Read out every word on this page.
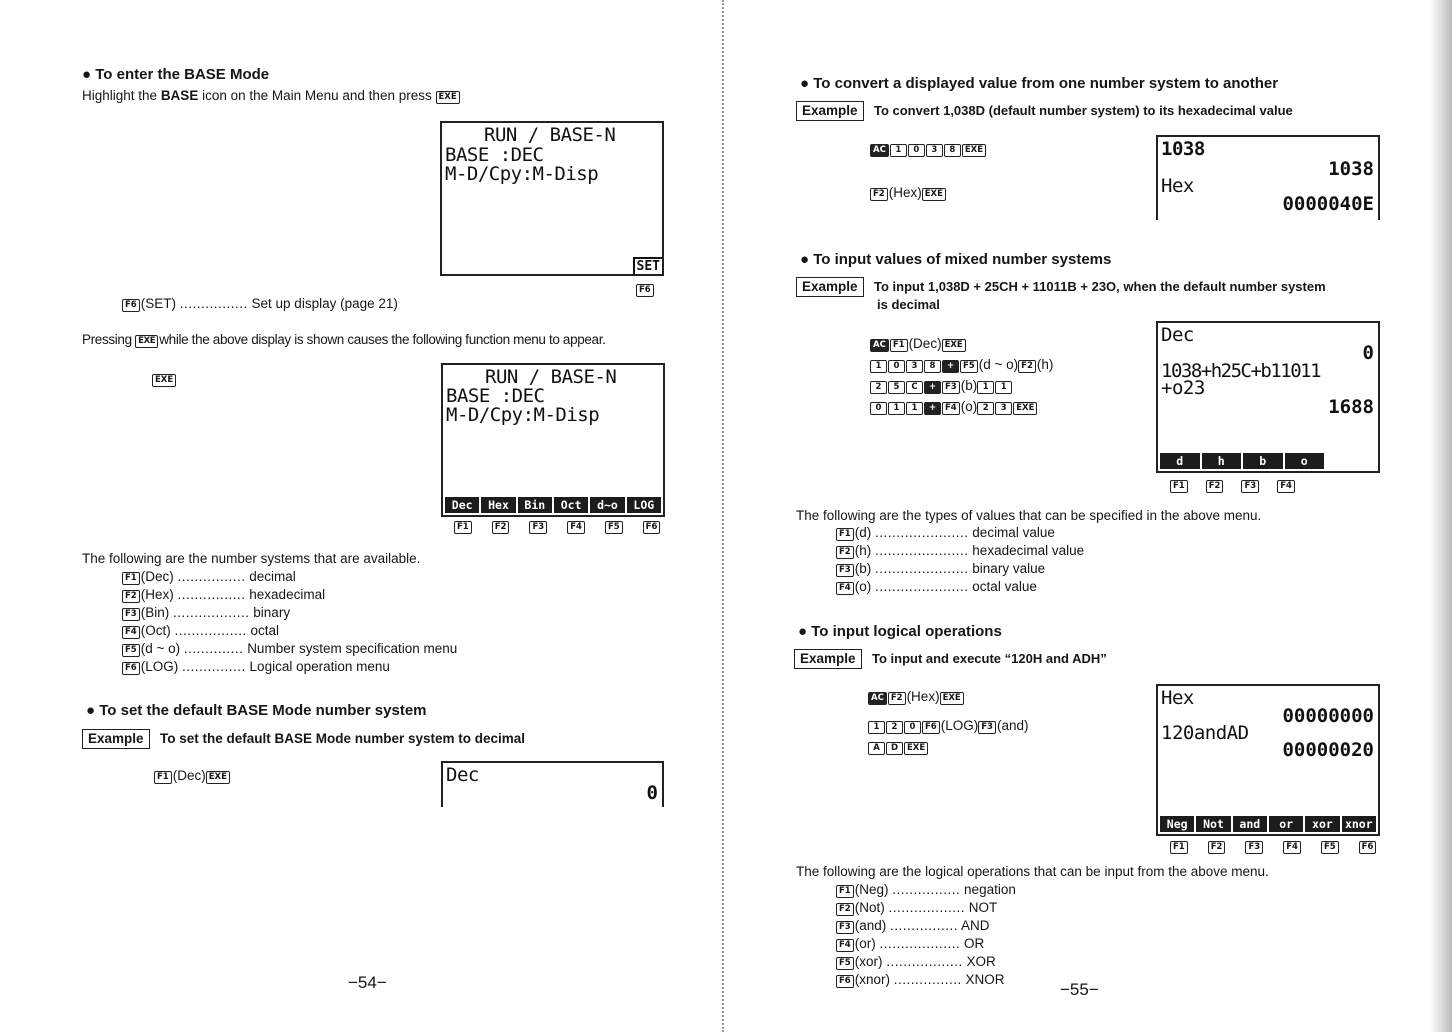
● To enter the BASE Mode
Highlight the BASE icon on the Main Menu and then press EXE
RUN / BASE-N
BASE :DEC
M-D/Cpy:M-Disp
SET
F6
F6 (SET) ................ Set up display (page 21)
Pressing EXE while the above display is shown causes the following function menu to appear.
EXE	RUN / BASE-N
BASE :DEC
M-D/Cpy:M-Disp
Dec	Hex	Bin	Oct	d~o	LOG
F1	F2	F3	F4	F5	F6
The following are the number systems that are available.
F1 (Dec) ................ decimal
F2 (Hex) ................ hexadecimal
F3 (Bin) .................. binary
F4 (Oct) ................. octal
F5 (d ~ o) .............. Number system specification menu
F6 (LOG) ............... Logical operation menu
● To set the default BASE Mode number system
Example To set the default BASE Mode number system to decimal
F1 (Dec) EXE	Dec
0
−54−
● To convert a displayed value from one number system to another
Example To convert 1,038D (default number system) to its hexadecimal value
AC 1 0 3 8 EXE
F2 (Hex) EXE
1038
1038
Hex
0000040E
● To input values of mixed number systems
Example To input 1,038D + 25CH + 11011B + 23O, when the default number system
is decimal
AC F1 (Dec) EXE
1 0 3 8 + F5 (d ~ o) F2 (h)
2 5 C + F3 (b) 1 1
0 1 1 + F4 (o) 2 3 EXE
Dec
0
1038+h25C+b11011
+o23
1688
d	h	b	o
F1	F2	F3	F4
The following are the types of values that can be specified in the above menu.
F1 (d) ...................... decimal value
F2 (h) ...................... hexadecimal value
F3 (b) ...................... binary value
F4 (o) ...................... octal value
● To input logical operations
Example To input and execute “120H and ADH”
AC F2 (Hex) EXE
1 2 0 F6 (LOG) F3 (and)
A D EXE
Hex
00000000
120andAD
00000020
Neg	Not	and	or	xor	xnor
F1	F2	F3	F4	F5	F6
The following are the logical operations that can be input from the above menu.
F1 (Neg) ................ negation
F2 (Not) .................. NOT
F3 (and) ................ AND
F4 (or) ................... OR
F5 (xor) .................. XOR
F6 (xnor) ................ XNOR
−55−
